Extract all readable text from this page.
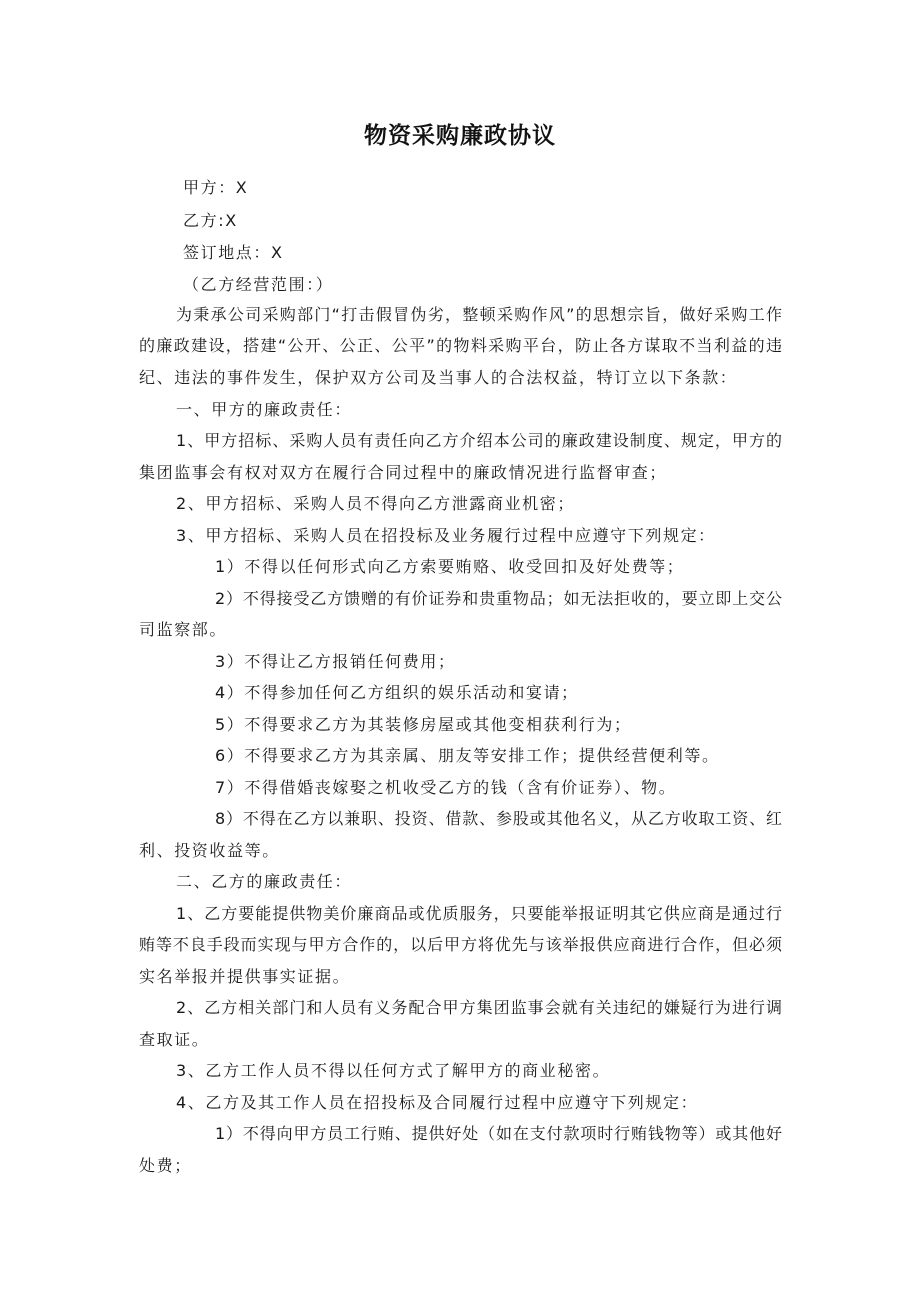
物资采购廉政协议
甲方：X
乙方:X
签订地点：X
（乙方经营范围：）
为秉承公司采购部门“打击假冒伪劣，整顿采购作风”的思想宗旨，做好采购工作
的廉政建设，搭建“公开、公正、公平”的物料采购平台，防止各方谋取不当利益的违
纪、违法的事件发生，保护双方公司及当事人的合法权益，特订立以下条款：
一、甲方的廉政责任：
1、甲方招标、采购人员有责任向乙方介绍本公司的廉政建设制度、规定，甲方的
集团监事会有权对双方在履行合同过程中的廉政情况进行监督审查；
2、甲方招标、采购人员不得向乙方泄露商业机密；
3、甲方招标、采购人员在招投标及业务履行过程中应遵守下列规定：
1）不得以任何形式向乙方索要贿赂、收受回扣及好处费等；
2）不得接受乙方馈赠的有价证券和贵重物品；如无法拒收的，要立即上交公
司监察部。
3）不得让乙方报销任何费用；
4）不得参加任何乙方组织的娱乐活动和宴请；
5）不得要求乙方为其装修房屋或其他变相获利行为；
6）不得要求乙方为其亲属、朋友等安排工作；提供经营便利等。
7）不得借婚丧嫁娶之机收受乙方的钱（含有价证券）、物。
8）不得在乙方以兼职、投资、借款、参股或其他名义，从乙方收取工资、红
利、投资收益等。
二、乙方的廉政责任：
1、乙方要能提供物美价廉商品或优质服务，只要能举报证明其它供应商是通过行
贿等不良手段而实现与甲方合作的，以后甲方将优先与该举报供应商进行合作，但必须
实名举报并提供事实证据。
2、乙方相关部门和人员有义务配合甲方集团监事会就有关违纪的嫌疑行为进行调
查取证。
3、乙方工作人员不得以任何方式了解甲方的商业秘密。
4、乙方及其工作人员在招投标及合同履行过程中应遵守下列规定：
1）不得向甲方员工行贿、提供好处（如在支付款项时行贿钱物等）或其他好
处费；
